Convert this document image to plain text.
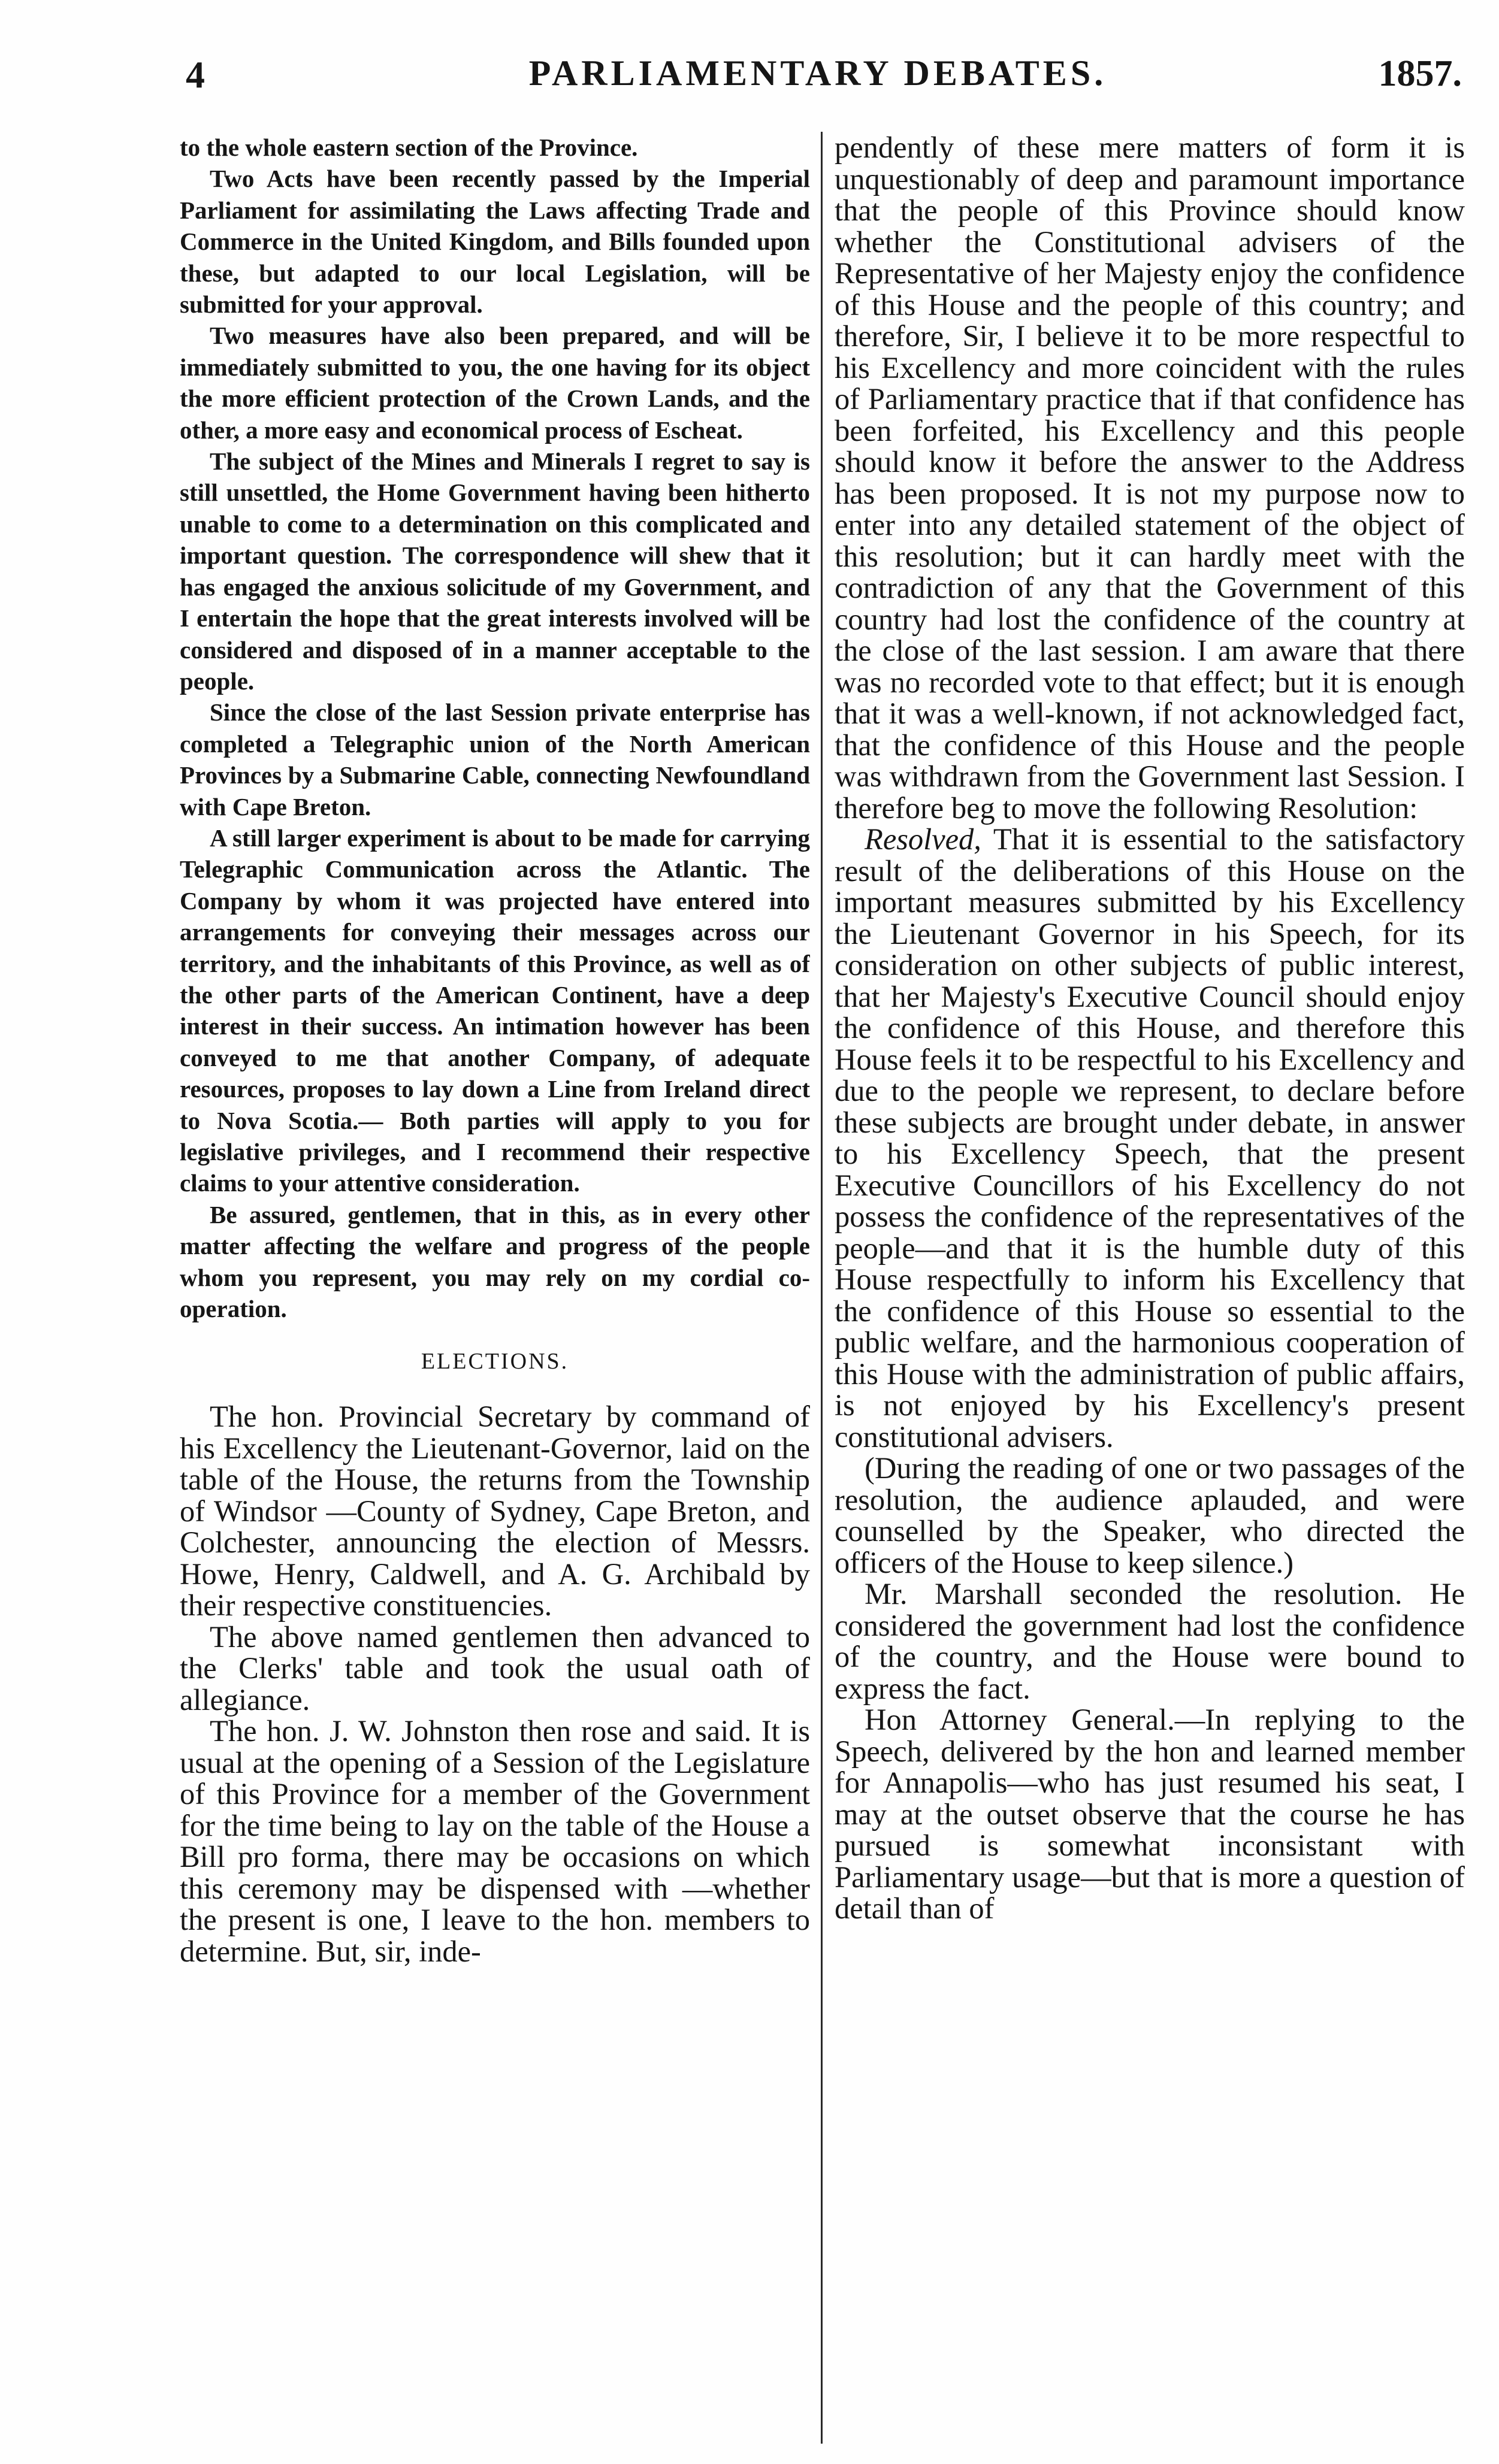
4	PARLIAMENTARY DEBATES.	1857.

to the whole eastern section of the Province.

Two Acts have been recently passed by the Imperial Parliament for assimilating the Laws affecting Trade and Commerce in the United Kingdom, and Bills founded upon these, but adapted to our local Legislation, will be submitted for your approval.

Two measures have also been prepared, and will be immediately submitted to you, the one having for its object the more efficient protection of the Crown Lands, and the other, a more easy and economical process of Escheat.

The subject of the Mines and Minerals I regret to say is still unsettled, the Home Government having been hitherto unable to come to a determination on this complicated and important question. The correspondence will shew that it has engaged the anxious solicitude of my Government, and I entertain the hope that the great interests involved will be considered and disposed of in a manner acceptable to the people.

Since the close of the last Session private enterprise has completed a Telegraphic union of the North American Provinces by a Submarine Cable, connecting Newfoundland with Cape Breton.

A still larger experiment is about to be made for carrying Telegraphic Communication across the Atlantic. The Company by whom it was projected have entered into arrangements for conveying their messages across our territory, and the inhabitants of this Province, as well as of the other parts of the American Continent, have a deep interest in their success. An intimation however has been conveyed to me that another Company, of adequate resources, proposes to lay down a Line from Ireland direct to Nova Scotia.— Both parties will apply to you for legislative privileges, and I recommend their respective claims to your attentive consideration.

Be assured, gentlemen, that in this, as in every other matter affecting the welfare and progress of the people whom you represent, you may rely on my cordial co-operation.

ELECTIONS.

The hon. Provincial Secretary by command of his Excellency the Lieutenant-Governor, laid on the table of the House, the returns from the Township of Windsor —County of Sydney, Cape Breton, and Colchester, announcing the election of Messrs. Howe, Henry, Caldwell, and A. G. Archibald by their respective constituencies.

The above named gentlemen then advanced to the Clerks' table and took the usual oath of allegiance.

The hon. J. W. Johnston then rose and said. It is usual at the opening of a Session of the Legislature of this Province for a member of the Government for the time being to lay on the table of the House a Bill pro forma, there may be occasions on which this ceremony may be dispensed with —whether the present is one, I leave to the hon. members to determine. But, sir, inde-

pendently of these mere matters of form it is unquestionably of deep and paramount importance that the people of this Province should know whether the Constitutional advisers of the Representative of her Majesty enjoy the confidence of this House and the people of this country; and therefore, Sir, I believe it to be more respectful to his Excellency and more coincident with the rules of Parliamentary practice that if that confidence has been forfeited, his Excellency and this people should know it before the answer to the Address has been proposed. It is not my purpose now to enter into any detailed statement of the object of this resolution; but it can hardly meet with the contradiction of any that the Government of this country had lost the confidence of the country at the close of the last session. I am aware that there was no recorded vote to that effect; but it is enough that it was a well-known, if not acknowledged fact, that the confidence of this House and the people was withdrawn from the Government last Session. I therefore beg to move the following Resolution:

Resolved, That it is essential to the satisfactory result of the deliberations of this House on the important measures submitted by his Excellency the Lieutenant Governor in his Speech, for its consideration on other subjects of public interest, that her Majesty's Executive Council should enjoy the confidence of this House, and therefore this House feels it to be respectful to his Excellency and due to the people we represent, to declare before these subjects are brought under debate, in answer to his Excellency Speech, that the present Executive Councillors of his Excellency do not possess the confidence of the representatives of the people—and that it is the humble duty of this House respectfully to inform his Excellency that the confidence of this House so essential to the public welfare, and the harmonious cooperation of this House with the administration of public affairs, is not enjoyed by his Excellency's present constitutional advisers.

(During the reading of one or two passages of the resolution, the audience aplauded, and were counselled by the Speaker, who directed the officers of the House to keep silence.)

Mr. Marshall seconded the resolution. He considered the government had lost the confidence of the country, and the House were bound to express the fact.

Hon Attorney General.—In replying to the Speech, delivered by the hon and learned member for Annapolis—who has just resumed his seat, I may at the outset observe that the course he has pursued is somewhat inconsistant with Parliamentary usage—but that is more a question of detail than of
